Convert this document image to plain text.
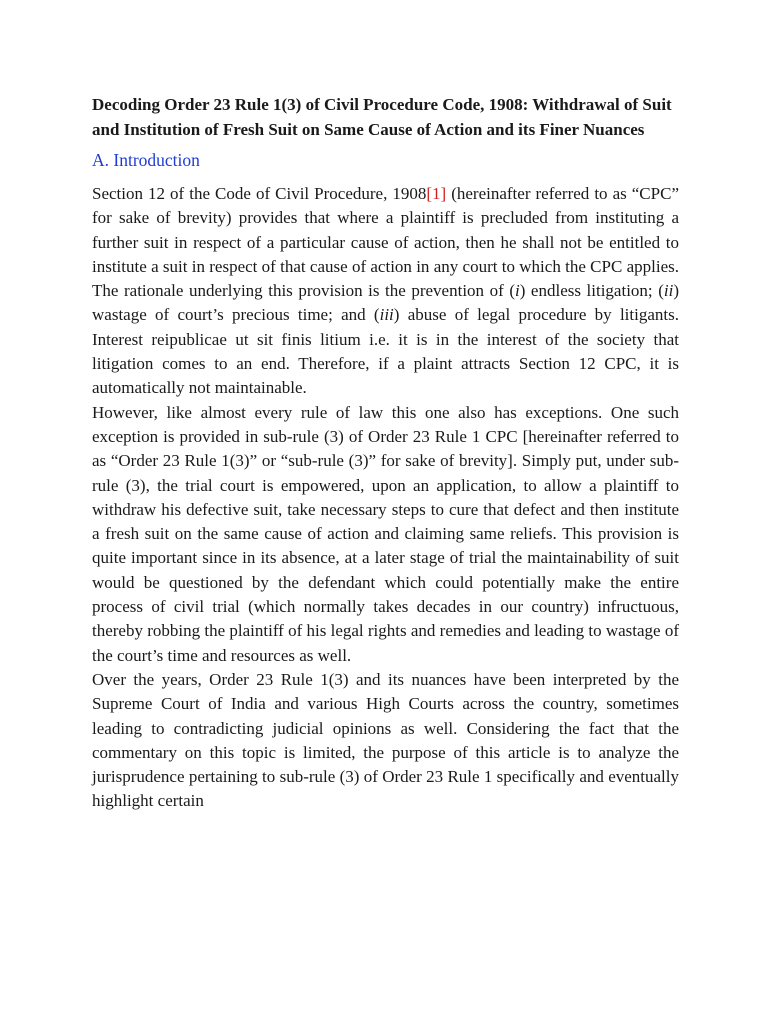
Decoding Order 23 Rule 1(3) of Civil Procedure Code, 1908: Withdrawal of Suit and Institution of Fresh Suit on Same Cause of Action and its Finer Nuances
A. Introduction

Section 12 of the Code of Civil Procedure, 1908[1] (hereinafter referred to as “CPC” for sake of brevity) provides that where a plaintiff is precluded from instituting a further suit in respect of a particular cause of action, then he shall not be entitled to institute a suit in respect of that cause of action in any court to which the CPC applies. The rationale underlying this provision is the prevention of (i) endless litigation; (ii) wastage of court’s precious time; and (iii) abuse of legal procedure by litigants. Interest reipublicae ut sit finis litium i.e. it is in the interest of the society that litigation comes to an end. Therefore, if a plaint attracts Section 12 CPC, it is automatically not maintainable.

However, like almost every rule of law this one also has exceptions. One such exception is provided in sub-rule (3) of Order 23 Rule 1 CPC [hereinafter referred to as “Order 23 Rule 1(3)” or “sub-rule (3)” for sake of brevity]. Simply put, under sub-rule (3), the trial court is empowered, upon an application, to allow a plaintiff to withdraw his defective suit, take necessary steps to cure that defect and then institute a fresh suit on the same cause of action and claiming same reliefs. This provision is quite important since in its absence, at a later stage of trial the maintainability of suit would be questioned by the defendant which could potentially make the entire process of civil trial (which normally takes decades in our country) infructuous, thereby robbing the plaintiff of his legal rights and remedies and leading to wastage of the court’s time and resources as well.

Over the years, Order 23 Rule 1(3) and its nuances have been interpreted by the Supreme Court of India and various High Courts across the country, sometimes leading to contradicting judicial opinions as well. Considering the fact that the commentary on this topic is limited, the purpose of this article is to analyze the jurisprudence pertaining to sub-rule (3) of Order 23 Rule 1 specifically and eventually highlight certain
